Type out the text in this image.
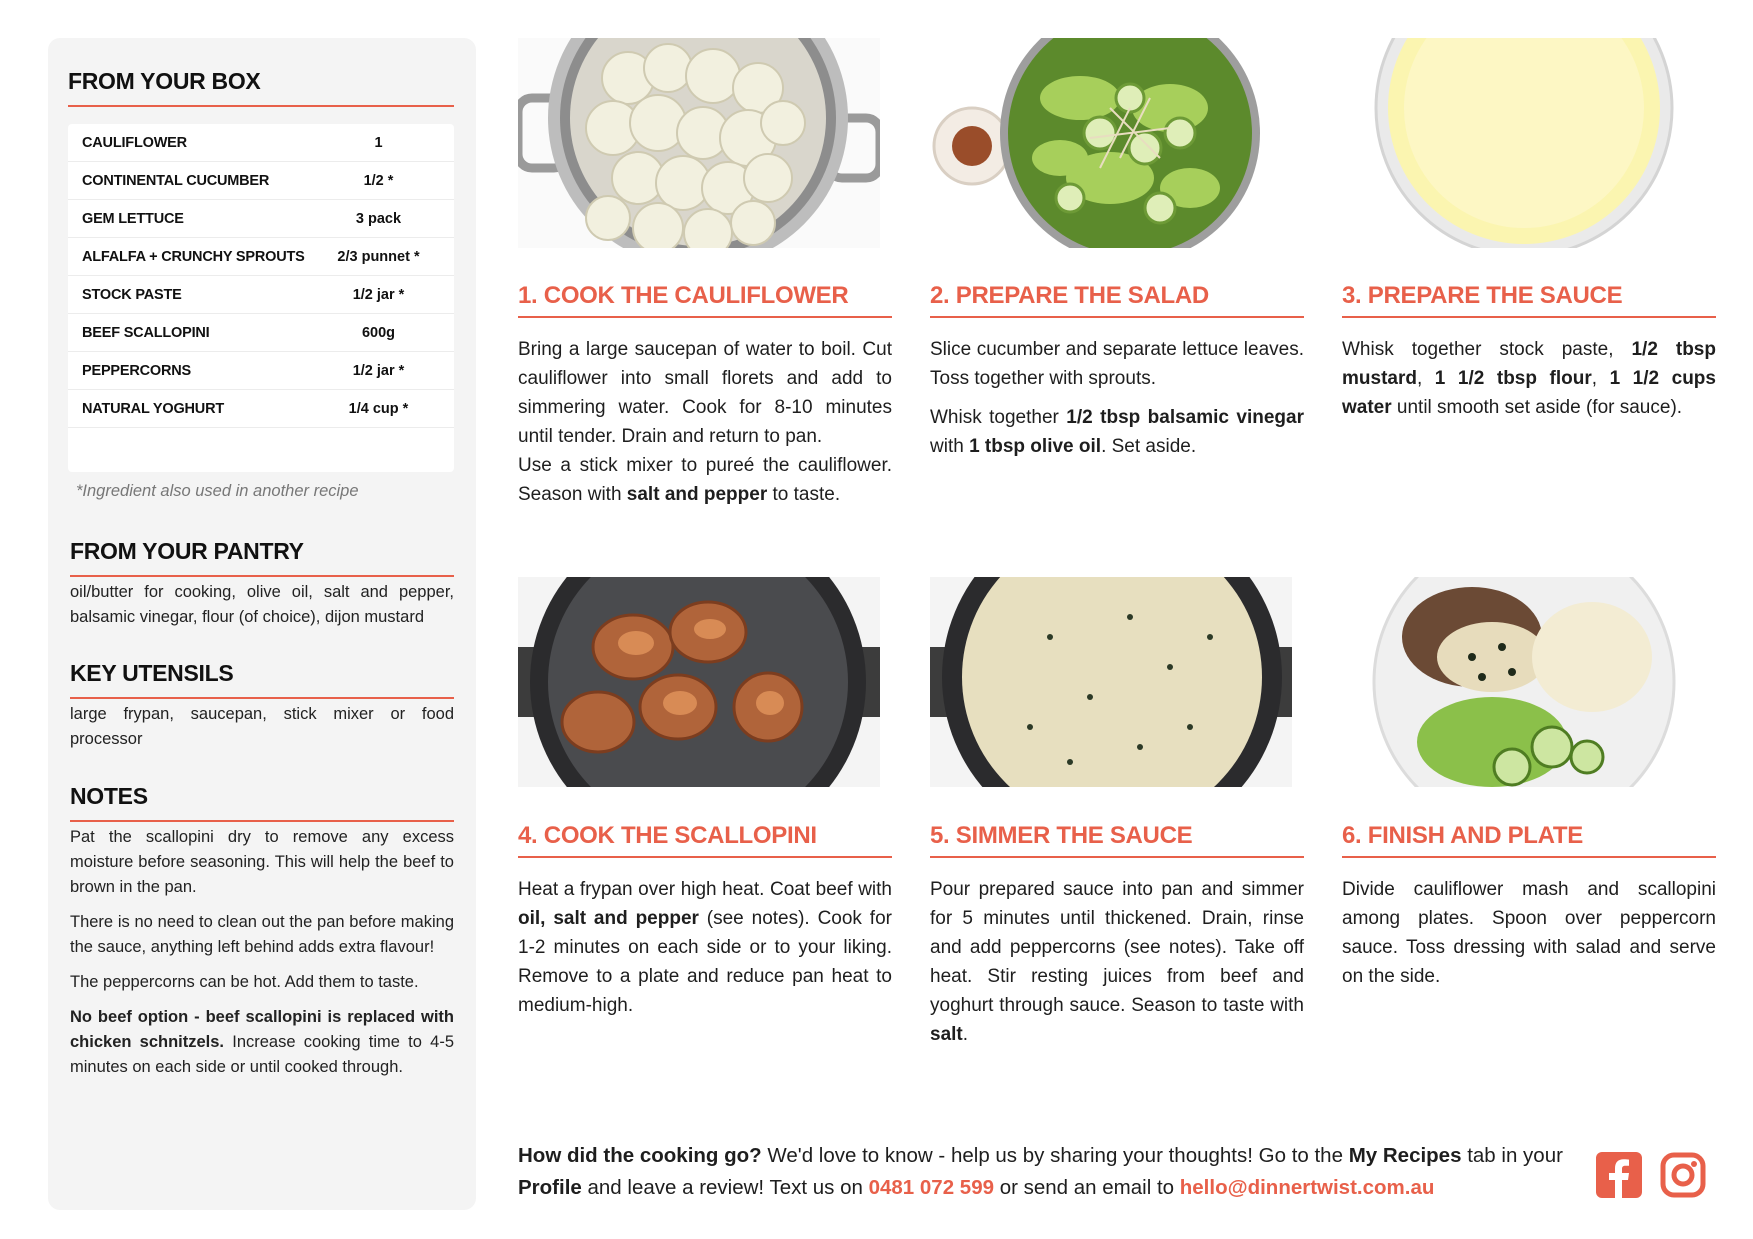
FROM YOUR BOX
CAULIFLOWER	1
CONTINENTAL CUCUMBER	1/2 *
GEM LETTUCE	3 pack
ALFALFA + CRUNCHY SPROUTS	2/3 punnet *
STOCK PASTE	1/2 jar *
BEEF SCALLOPINI	600g
PEPPERCORNS	1/2 jar *
NATURAL YOGHURT	1/4 cup *
*Ingredient also used in another recipe
FROM YOUR PANTRY
oil/butter for cooking, olive oil, salt and pepper, balsamic vinegar, flour (of choice), dijon mustard
KEY UTENSILS
large frypan, saucepan, stick mixer or food processor
NOTES

Pat the scallopini dry to remove any excess moisture before seasoning. This will help the beef to brown in the pan.

There is no need to clean out the pan before making the sauce, anything left behind adds extra flavour!

The peppercorns can be hot. Add them to taste.

No beef option - beef scallopini is replaced with chicken schnitzels. Increase cooking time to 4-5 minutes on each side or until cooked through.

1. COOK THE CAULIFLOWER	2. PREPARE THE SALAD	3. PREPARE THE SAUCE
4. COOK THE SCALLOPINI	5. SIMMER THE SAUCE	6. FINISH AND PLATE

Bring a large saucepan of water to boil. Cut cauliflower into small florets and add to simmering water. Cook for 8-10 minutes until tender. Drain and return to pan.

Use a stick mixer to pureé the cauliflower. Season with salt and pepper to taste.

Slice cucumber and separate lettuce leaves. Toss together with sprouts.

Whisk together 1/2 tbsp balsamic vinegar with 1 tbsp olive oil. Set aside.

Whisk together stock paste, 1/2 tbsp mustard, 1 1/2 tbsp flour, 1 1/2 cups water until smooth set aside (for sauce).

Heat a frypan over high heat. Coat beef with oil, salt and pepper (see notes). Cook for 1-2 minutes on each side or to your liking. Remove to a plate and reduce pan heat to medium-high.

Pour prepared sauce into pan and simmer for 5 minutes until thickened. Drain, rinse and add peppercorns (see notes). Take off heat. Stir resting juices from beef and yoghurt through sauce. Season to taste with salt.

Divide cauliflower mash and scallopini among plates. Spoon over peppercorn sauce. Toss dressing with salad and serve on the side.

How did the cooking go? We'd love to know - help us by sharing your thoughts! Go to the My Recipes tab in your Profile and leave a review! Text us on 0481 072 599 or send an email to hello@dinnertwist.com.au
